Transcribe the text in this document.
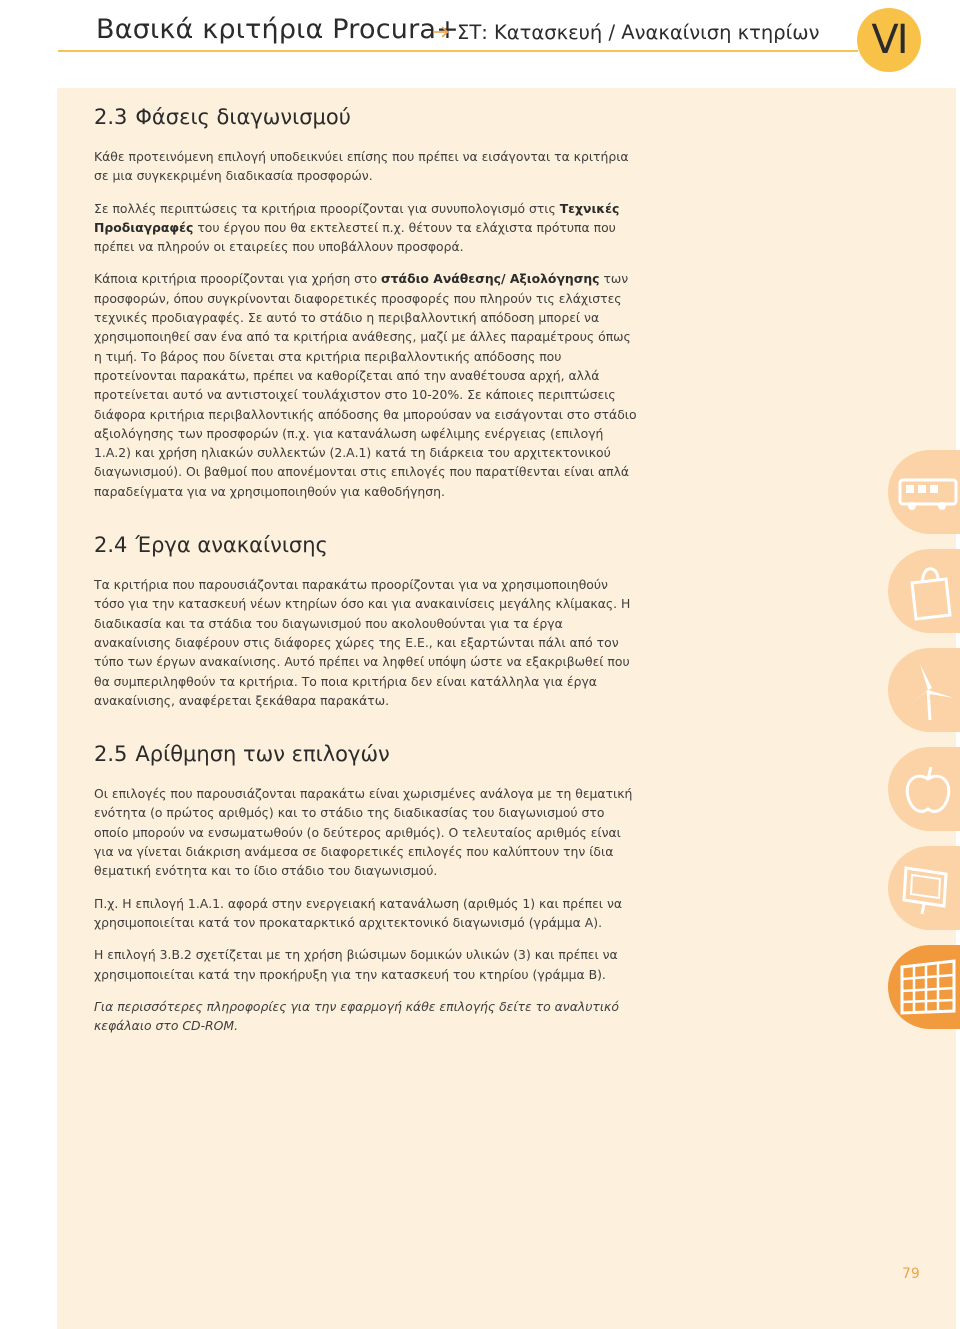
Βασικά κριτήρια Procura+
ΣΤ: Κατασκευή / Ανακαίνιση κτηρίων	VI
2.3 Φάσεις διαγωνισμού

Κάθε προτεινόμενη επιλογή υποδεικνύει επίσης που πρέπει να εισάγονται τα κριτήρια σε μια συγκεκριμένη διαδικασία προσφορών.

Σε πολλές περιπτώσεις τα κριτήρια προορίζονται για συνυπολογισμό στις Τεχνικές Προδιαγραφές του έργου που θα εκτελεστεί π.χ. θέτουν τα ελάχιστα πρότυπα που πρέπει να πληρούν οι εταιρείες που υποβάλλουν προσφορά.

Κάποια κριτήρια προορίζονται για χρήση στο στάδιο Ανάθεσης/ Αξιολόγησης των προσφορών, όπου συγκρίνονται διαφορετικές προσφορές που πληρούν τις ελάχιστες τεχνικές προδιαγραφές. Σε αυτό το στάδιο η περιβαλλοντική απόδοση μπορεί να χρησιμοποιηθεί σαν ένα από τα κριτήρια ανάθεσης, μαζί με άλλες παραμέτρους όπως η τιμή. Το βάρος που δίνεται στα κριτήρια περιβαλλοντικής απόδοσης που προτείνονται παρακάτω, πρέπει να καθορίζεται από την αναθέτουσα αρχή, αλλά προτείνεται αυτό να αντιστοιχεί τουλάχιστον στο 10-20%. Σε κάποιες περιπτώσεις διάφορα κριτήρια περιβαλλοντικής απόδοσης θα μπορούσαν να εισάγονται στο στάδιο αξιολόγησης των προσφορών (π.χ. για κατανάλωση ωφέλιμης ενέργειας (επιλογή 1.Α.2) και χρήση ηλιακών συλλεκτών (2.Α.1) κατά τη διάρκεια του αρχιτεκτονικού διαγωνισμού). Οι βαθμοί που απονέμονται στις επιλογές που παρατίθενται είναι απλά παραδείγματα για να χρησιμοποιηθούν για καθοδήγηση.

2.4 Έργα ανακαίνισης

Τα κριτήρια που παρουσιάζονται παρακάτω προορίζονται για να χρησιμοποιηθούν τόσο για την κατασκευή νέων κτηρίων όσο και για ανακαινίσεις μεγάλης κλίμακας. Η διαδικασία και τα στάδια του διαγωνισμού που ακολουθούνται για τα έργα ανακαίνισης διαφέρουν στις διάφορες χώρες της Ε.Ε., και εξαρτώνται πάλι από τον τύπο των έργων ανακαίνισης. Αυτό πρέπει να ληφθεί υπόψη ώστε να εξακριβωθεί που θα συμπεριληφθούν τα κριτήρια. Το ποια κριτήρια δεν είναι κατάλληλα για έργα ανακαίνισης, αναφέρεται ξεκάθαρα παρακάτω.

2.5 Αρίθμηση των επιλογών

Οι επιλογές που παρουσιάζονται παρακάτω είναι χωρισμένες ανάλογα με τη θεματική ενότητα (ο πρώτος αριθμός) και το στάδιο της διαδικασίας του διαγωνισμού στο οποίο μπορούν να ενσωματωθούν (ο δεύτερος αριθμός). Ο τελευταίος αριθμός είναι για να γίνεται διάκριση ανάμεσα σε διαφορετικές επιλογές που καλύπτουν την ίδια θεματική ενότητα και το ίδιο στάδιο του διαγωνισμού.

Π.χ. Η επιλογή 1.Α.1. αφορά στην ενεργειακή κατανάλωση (αριθμός 1) και πρέπει να χρησιμοποιείται κατά τον προκαταρκτικό αρχιτεκτονικό διαγωνισμό (γράμμα Α).

Η επιλογή 3.Β.2 σχετίζεται με τη χρήση βιώσιμων δομικών υλικών (3) και πρέπει να χρησιμοποιείται κατά την προκήρυξη για την κατασκευή του κτηρίου (γράμμα Β).

Για περισσότερες πληροφορίες για την εφαρμογή κάθε επιλογής δείτε το αναλυτικό κεφάλαιο στο CD-ROM.

79
